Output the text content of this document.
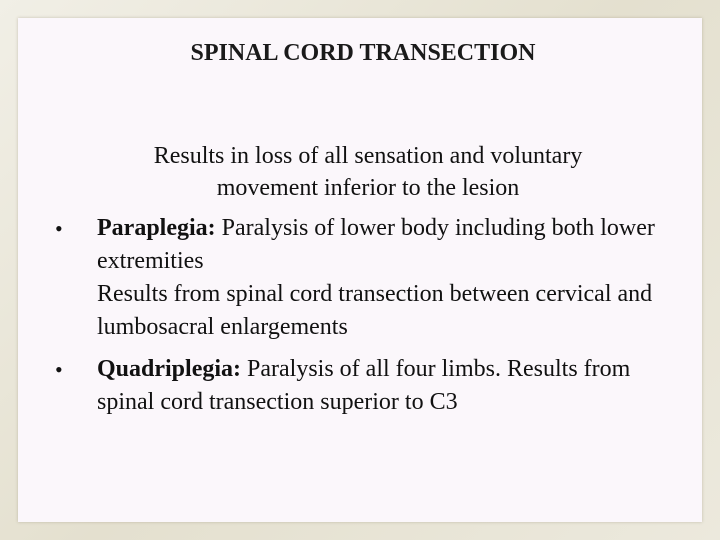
SPINAL CORD TRANSECTION
Results in loss of all sensation and voluntary
movement inferior to the lesion
• Paraplegia: Paralysis of lower body including both lower extremities
Results from spinal cord transection between cervical and lumbosacral enlargements
• Quadriplegia: Paralysis of all four limbs. Results from spinal cord transection superior to C3
